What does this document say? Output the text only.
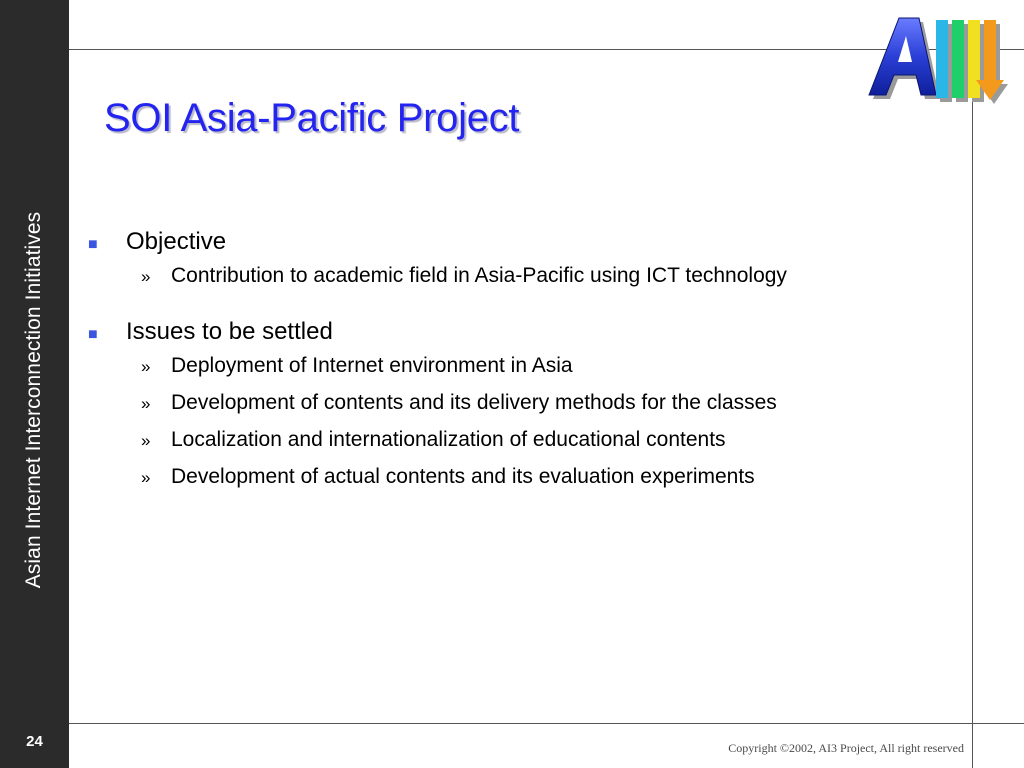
Asian Internet Interconnection Initiatives
24
SOI Asia-Pacific Project
■	Objective
» Contribution to academic field in Asia-Pacific using ICT technology
■	Issues to be settled
» Deployment of Internet environment in Asia
» Development of contents and its delivery methods for the classes
» Localization and internationalization of educational contents
» Development of actual contents and its evaluation experiments
Copyright ©2002, AI3 Project, All right reserved
